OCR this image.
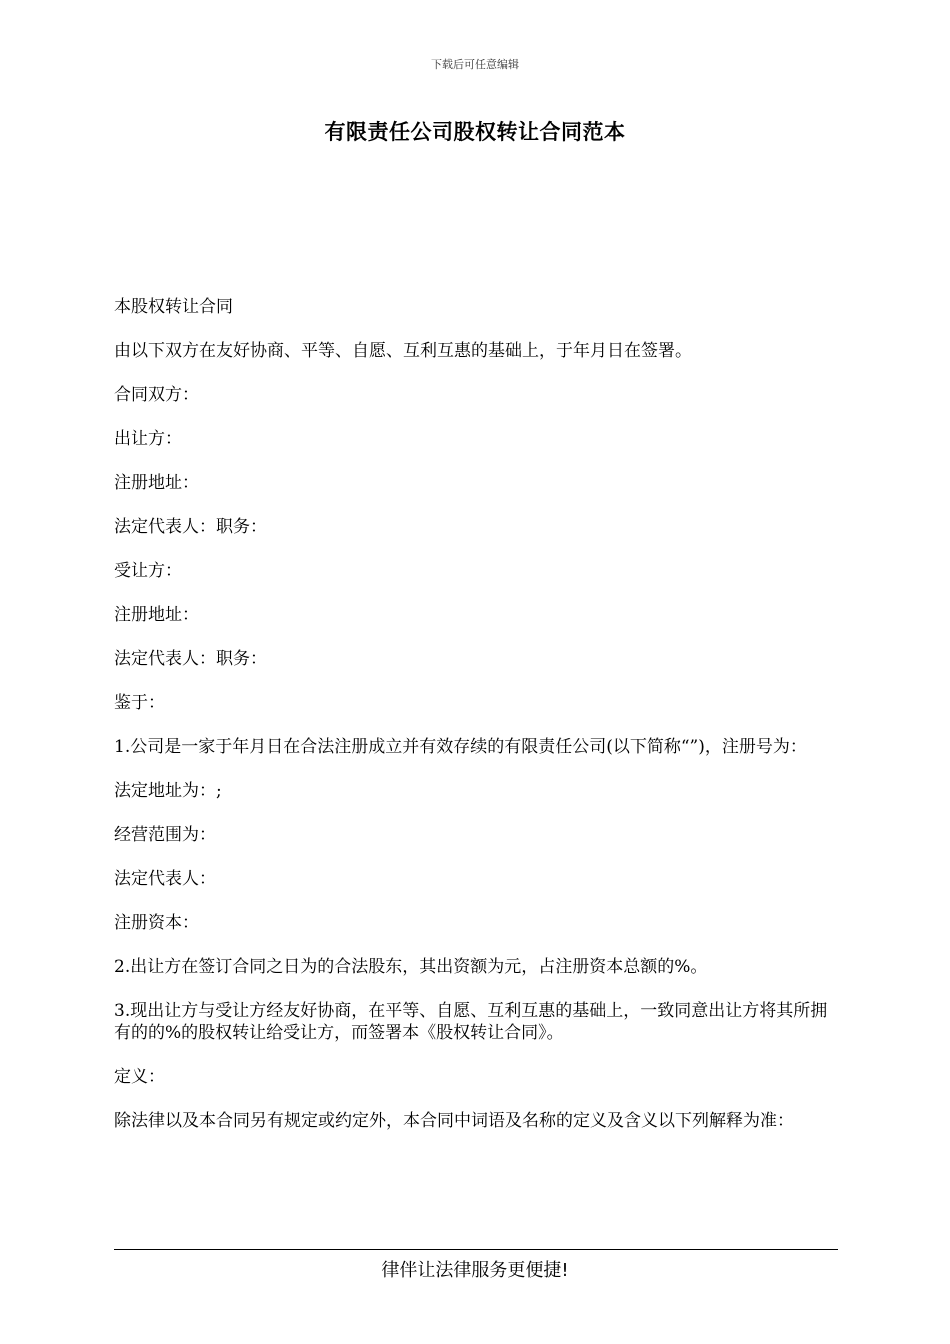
下载后可任意编辑
有限责任公司股权转让合同范本

本股权转让合同

由以下双方在友好协商、平等、自愿、互利互惠的基础上，于年月日在签署。

合同双方：

出让方：

注册地址：

法定代表人：职务：

受让方：

注册地址：

法定代表人：职务：

鉴于：

1.公司是一家于年月日在合法注册成立并有效存续的有限责任公司(以下简称“”)，注册号为：

法定地址为：;

经营范围为：

法定代表人：

注册资本：

2.出让方在签订合同之日为的合法股东，其出资额为元，占注册资本总额的%。

3.现出让方与受让方经友好协商，在平等、自愿、互利互惠的基础上，一致同意出让方将其所拥有的的%的股权转让给受让方，而签署本《股权转让合同》。

定义：

除法律以及本合同另有规定或约定外，本合同中词语及名称的定义及含义以下列解释为准：

律伴让法律服务更便捷!
